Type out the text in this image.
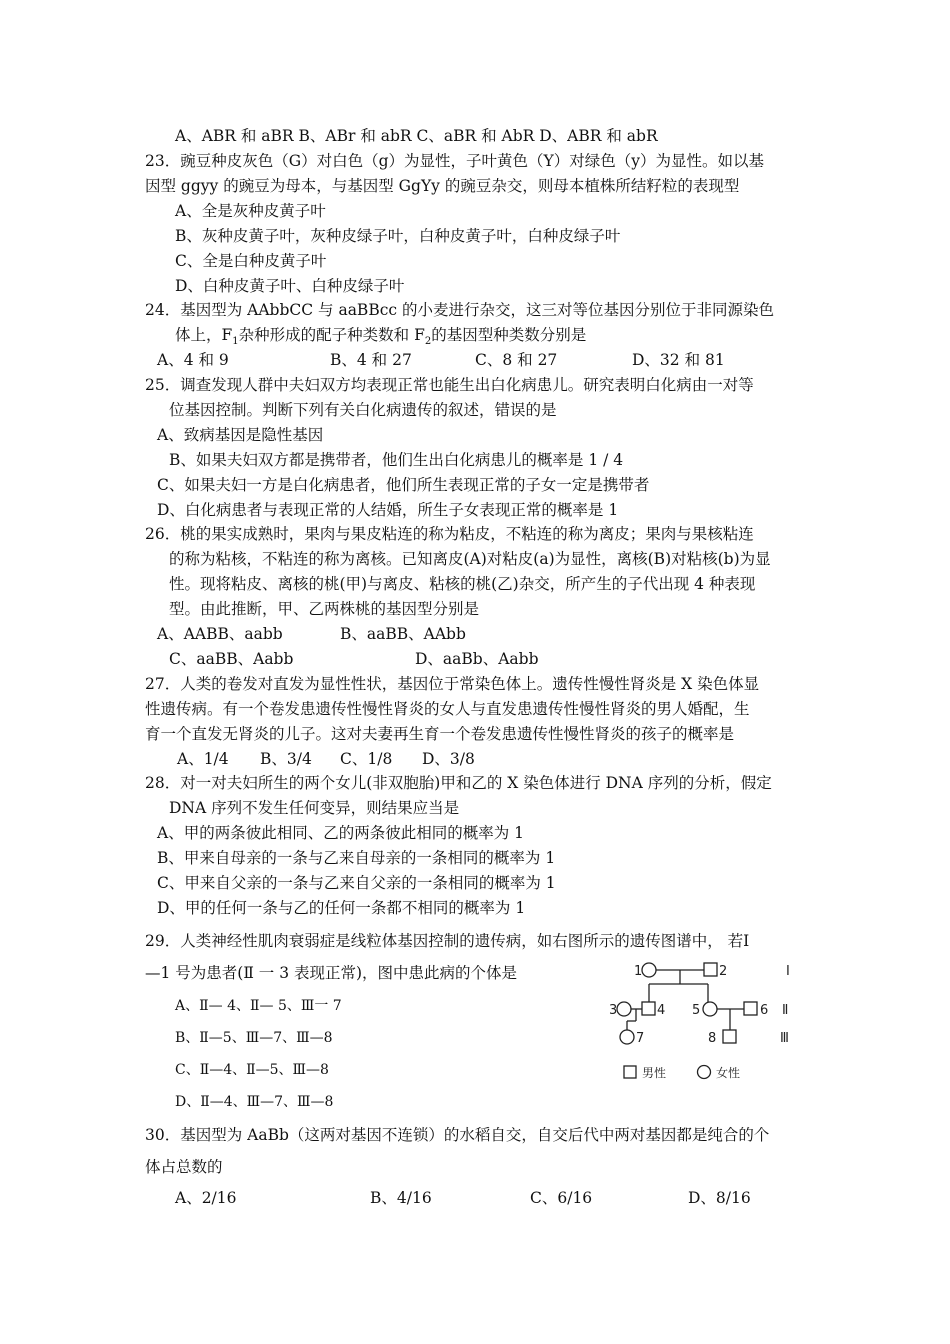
A、ABR 和 aBR B、ABr 和 abR C、aBR 和 AbR D、ABR 和 abR
23．豌豆种皮灰色（G）对白色（g）为显性，子叶黄色（Y）对绿色（y）为显性。如以基
因型 ggyy 的豌豆为母本，与基因型 GgYy 的豌豆杂交，则母本植株所结籽粒的表现型
A、全是灰种皮黄子叶
B、灰种皮黄子叶，灰种皮绿子叶，白种皮黄子叶，白种皮绿子叶
C、全是白种皮黄子叶
D、白种皮黄子叶、白种皮绿子叶
24．基因型为 AAbbCC 与 aaBBcc 的小麦进行杂交，这三对等位基因分别位于非同源染色
体上，$F_1$杂种形成的配子种类数和 $F_2$的基因型种类数分别是
A、4 和 9	B、4 和 27	C、8 和 27	D、32 和 81
25．调查发现人群中夫妇双方均表现正常也能生出白化病患儿。研究表明白化病由一对等
位基因控制。判断下列有关白化病遗传的叙述，错误的是
A、致病基因是隐性基因
B、如果夫妇双方都是携带者，他们生出白化病患儿的概率是 1 / 4
C、如果夫妇一方是白化病患者，他们所生表现正常的子女一定是携带者
D、白化病患者与表现正常的人结婚，所生子女表现正常的概率是 1
26．桃的果实成熟时，果肉与果皮粘连的称为粘皮，不粘连的称为离皮；果肉与果核粘连
的称为粘核，不粘连的称为离核。已知离皮(A)对粘皮(a)为显性，离核(B)对粘核(b)为显
性。现将粘皮、离核的桃(甲)与离皮、粘核的桃(乙)杂交，所产生的子代出现 4 种表现
型。由此推断，甲、乙两株桃的基因型分别是
A、AABB、aabb	B、aaBB、AAbb
C、aaBB、Aabb	D、aaBb、Aabb
27．人类的卷发对直发为显性性状，基因位于常染色体上。遗传性慢性肾炎是 X 染色体显
性遗传病。有一个卷发患遗传性慢性肾炎的女人与直发患遗传性慢性肾炎的男人婚配，生
育一个直发无肾炎的儿子。这对夫妻再生育一个卷发患遗传性慢性肾炎的孩子的概率是
A、1/4 B、3/4 C、1/8 D、3/8
28．对一对夫妇所生的两个女儿(非双胞胎)甲和乙的 X 染色体进行 DNA 序列的分析，假定
DNA 序列不发生任何变异，则结果应当是
A、甲的两条彼此相同、乙的两条彼此相同的概率为 1
B、甲来自母亲的一条与乙来自母亲的一条相同的概率为 1
C、甲来自父亲的一条与乙来自父亲的一条相同的概率为 1
D、甲的任何一条与乙的任何一条都不相同的概率为 1
29．人类神经性肌肉衰弱症是线粒体基因控制的遗传病，如右图所示的遗传图谱中， 若Ⅰ
—1 号为患者(Ⅱ 一 3 表现正常)，图中患此病的个体是
A、Ⅱ— 4、Ⅱ— 5、Ⅲ一 7
B、Ⅱ—5、Ⅲ—7、Ⅲ—8
C、Ⅱ—4、Ⅱ—5、Ⅲ—8
D、Ⅱ—4、Ⅲ—7、Ⅲ—8
1	2
3	4 5	6
7	8
I
Ⅱ
Ⅲ
男性	女性
30．基因型为 AaBb（这两对基因不连锁）的水稻自交，自交后代中两对基因都是纯合的个
体占总数的
A、2/16	B、4/16	C、6/16	D、8/16
